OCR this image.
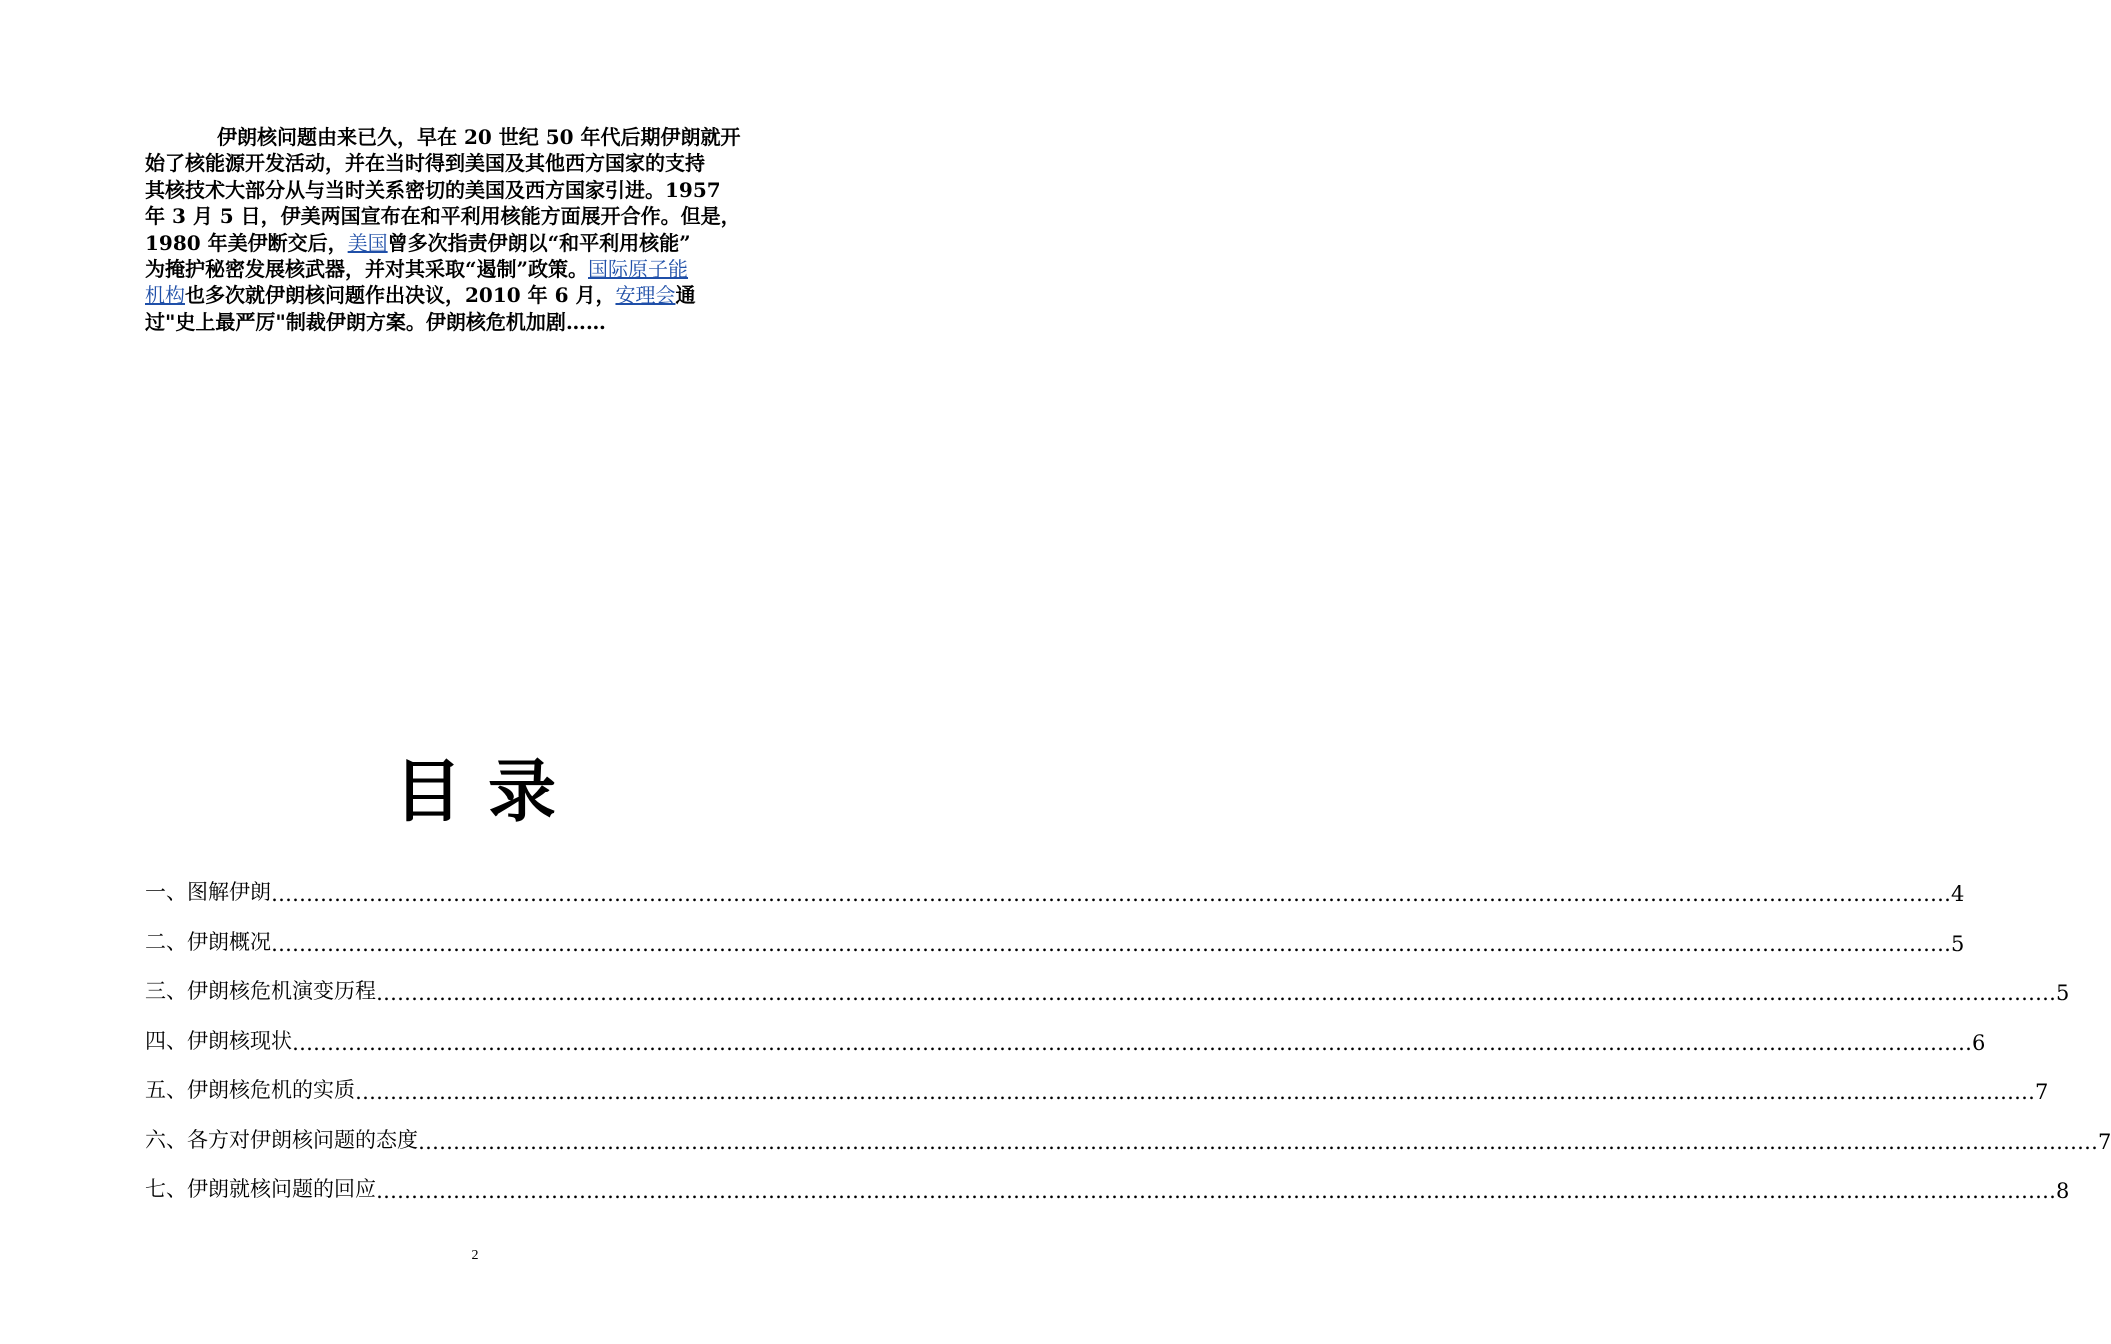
伊朗核问题由来已久，早在 20 世纪 50 年代后期伊朗就开
始了核能源开发活动，并在当时得到美国及其他西方国家的支持
其核技术大部分从与当时关系密切的美国及西方国家引进。1957
年 3 月 5 日，伊美两国宣布在和平利用核能方面展开合作。但是，
1980 年美伊断交后，美国曾多次指责伊朗以“和平利用核能”
为掩护秘密发展核武器，并对其采取“遏制”政策。国际原子能
机构也多次就伊朗核问题作出决议，2010 年 6 月，安理会通
过"史上最严厉"制裁伊朗方案。伊朗核危机加剧……
目录
一、图解伊朗 …………………………………………………………………………………………………………………………………………………………………………………………………………………… 4
二、伊朗概况 …………………………………………………………………………………………………………………………………………………………………………………………………………………… 5
三、伊朗核危机演变历程 …………………………………………………………………………………………………………………………………………………………………………………………………………………… 5
四、伊朗核现状 …………………………………………………………………………………………………………………………………………………………………………………………………………………… 6
五、伊朗核危机的实质 …………………………………………………………………………………………………………………………………………………………………………………………………………………… 7
六、各方对伊朗核问题的态度 …………………………………………………………………………………………………………………………………………………………………………………………………………………… 7
七、伊朗就核问题的回应 …………………………………………………………………………………………………………………………………………………………………………………………………………………… 8
2
